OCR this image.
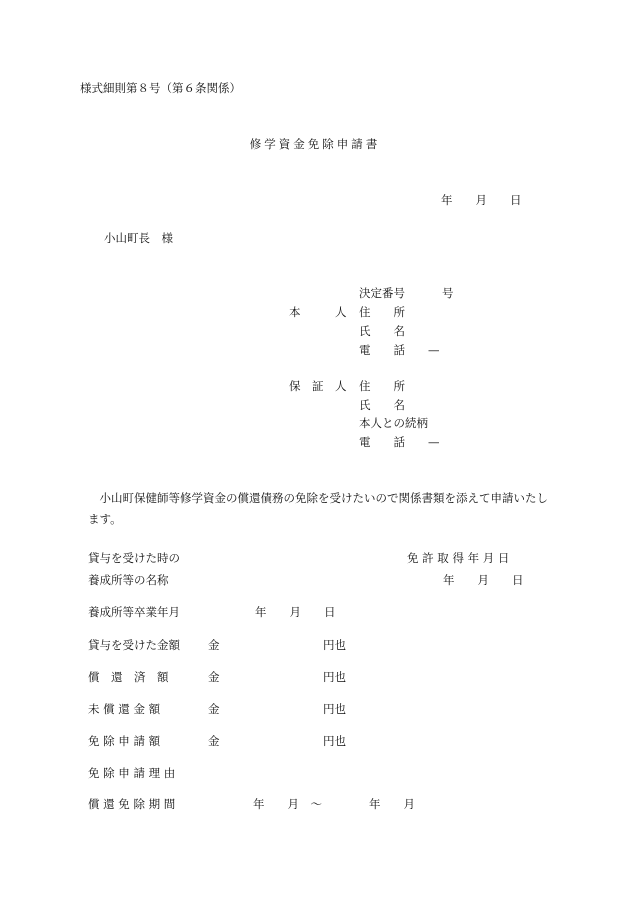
様式細則第８号（第６条関係）
修学資金免除申請書
年　　月　　日
小山町長　様
決定番号	号
本　　　人 住　　所
氏　　名
電　　話 —
保　証　人 住　　所
氏　　名
本人との続柄
電　　話 —
小山町保健師等修学資金の償還債務の免除を受けたいので関係書類を添えて申請いたします。
貸与を受けた時の	免 許 取 得 年 月 日
養成所等の名称	年　　月　　日
養成所等卒業年月	年　　月　　日
貸与を受けた金額 金	円也
償　還　済　額	金	円也
未 償 還 金 額	金	円也
免 除 申 請 額	金	円也
免 除 申 請 理 由
償 還 免 除 期 間	年　　月　〜	年　　月
